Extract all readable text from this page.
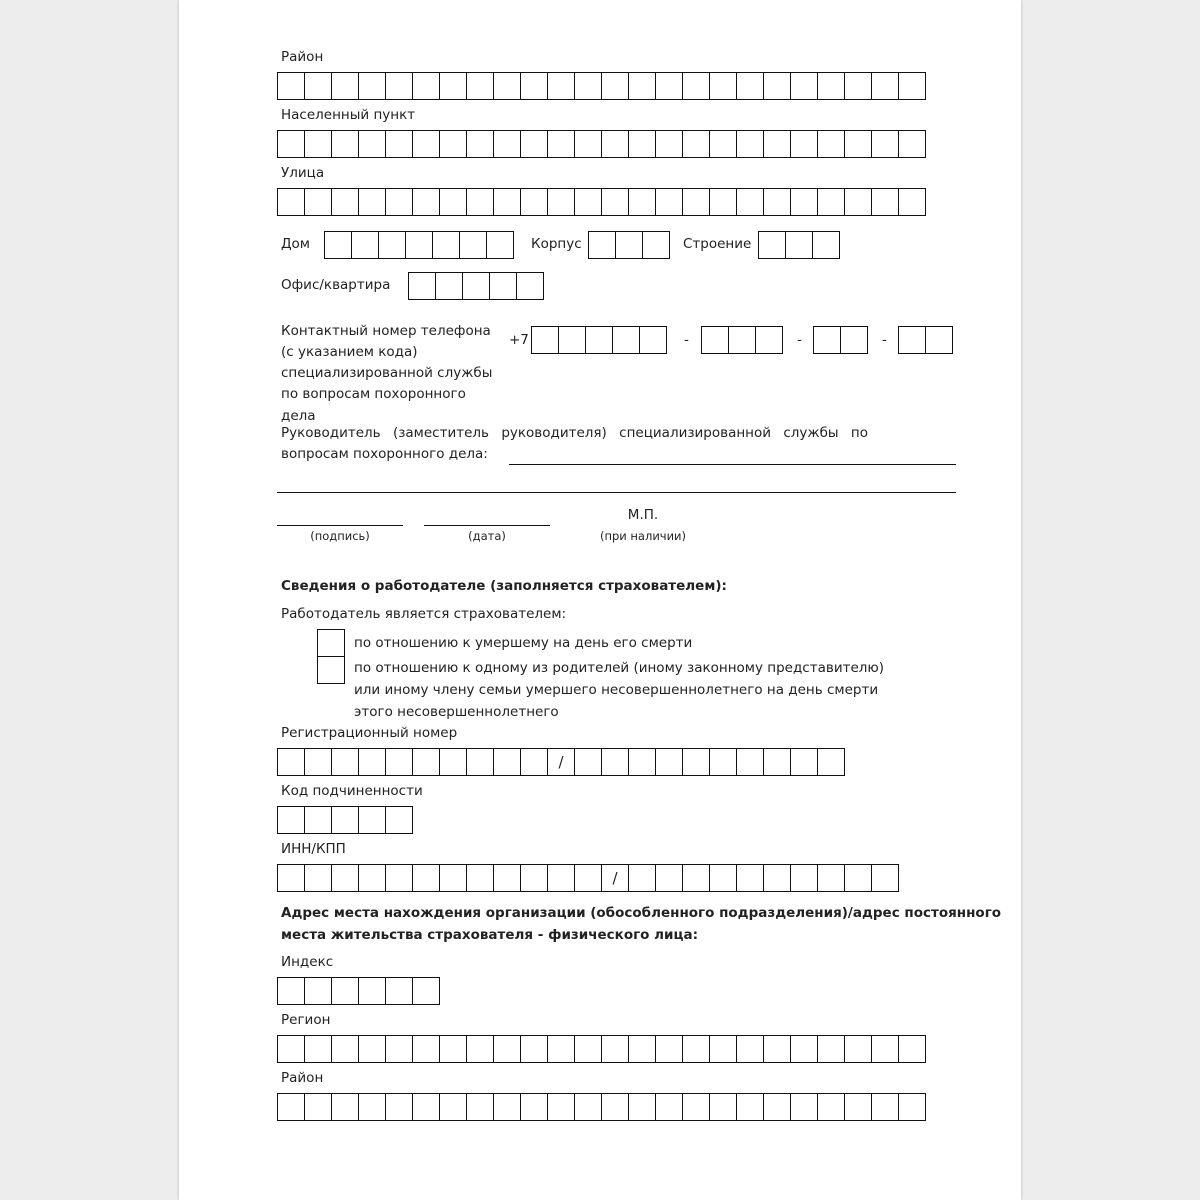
Район
Населенный пункт
Улица
Дом	Корпус	Строение
Офис/квартира
Контактный номер телефона
(с указанием кода)
специализированной службы
по вопросам похоронного
дела
+7	-	-	-
Руководитель (заместитель руководителя) специализированной службы по
вопросам похоронного дела:
(подпись)	(дата)
М.П.
(при наличии)
Сведения о работодателе (заполняется страхователем):
Работодатель является страхователем:
по отношению к умершему на день его смерти
по отношению к одному из родителей (иному законному представителю)
или иному члену семьи умершего несовершеннолетнего на день смерти
этого несовершеннолетнего
Регистрационный номер
/
Код подчиненности
ИНН/КПП
/
Адрес места нахождения организации (обособленного подразделения)/адрес постоянного
места жительства страхователя - физического лица:
Индекс
Регион
Район
